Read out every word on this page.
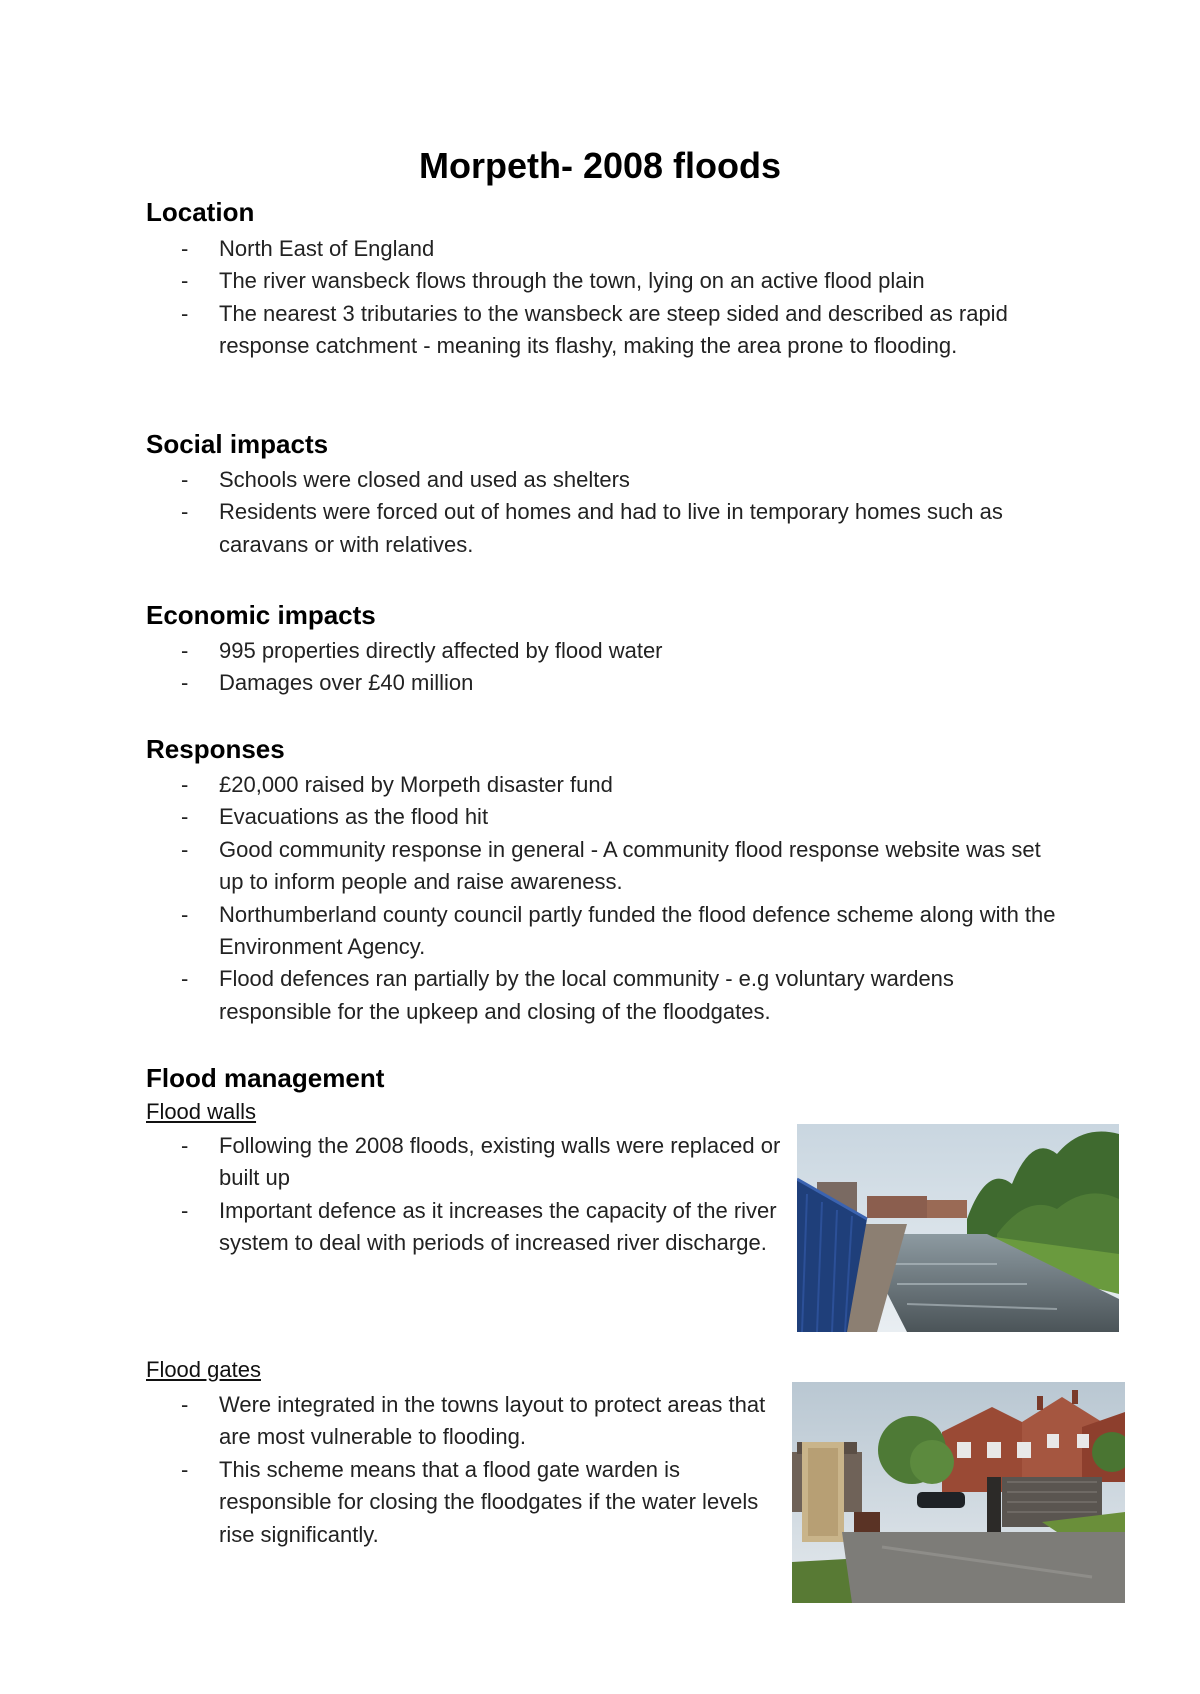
Morpeth- 2008 floods
Location
- North East of England
- The river wansbeck flows through the town, lying on an active flood plain
- The nearest 3 tributaries to the wansbeck are steep sided and described as rapid response catchment - meaning its flashy, making the area prone to flooding.
Social impacts
- Schools were closed and used as shelters
- Residents were forced out of homes and had to live in temporary homes such as caravans or with relatives.
Economic impacts
- 995 properties directly affected by flood water
- Damages over £40 million
Responses
- £20,000 raised by Morpeth disaster fund
- Evacuations as the flood hit
- Good community response in general - A community flood response website was set up to inform people and raise awareness.
- Northumberland county council partly funded the flood defence scheme along with the Environment Agency.
- Flood defences ran partially by the local community - e.g voluntary wardens responsible for the upkeep and closing of the floodgates.
Flood management

Flood walls

- Following the 2008 floods, existing walls were replaced or built up
- Important defence as it increases the capacity of the river system to deal with periods of increased river discharge.

Flood gates

- Were integrated in the towns layout to protect areas that are most vulnerable to flooding.
- This scheme means that a flood gate warden is responsible for closing the floodgates if the water levels rise significantly.
